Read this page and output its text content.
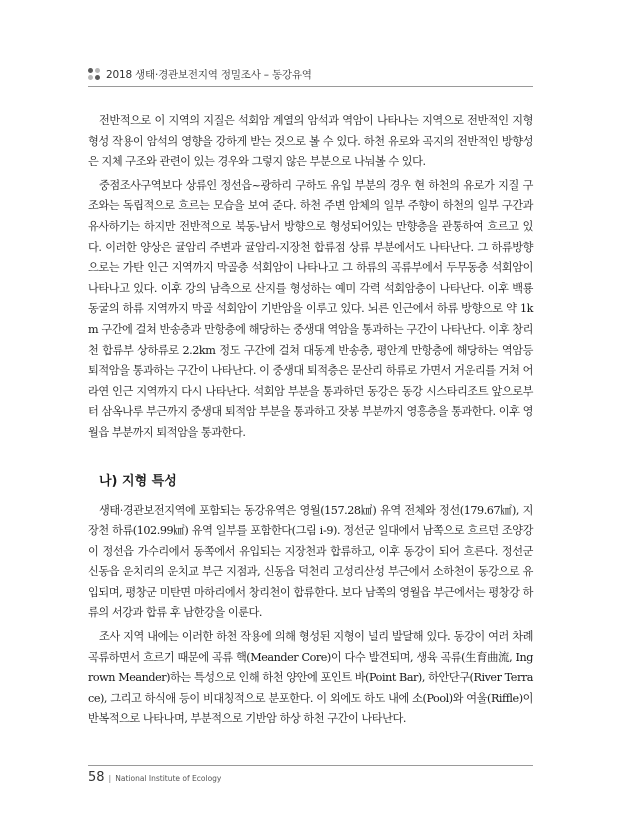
2018 생태·경관보전지역 정밀조사 – 동강유역

전반적으로 이 지역의 지질은 석회암 계열의 암석과 역암이 나타나는 지역으로 전반적인 지형 형성 작용이 암석의 영향을 강하게 받는 것으로 볼 수 있다. 하천 유로와 곡지의 전반적인 방향성은 지체 구조와 관련이 있는 경우와 그렇지 않은 부분으로 나눠볼 수 있다.

중점조사구역보다 상류인 정선읍~광하리 구하도 유입 부분의 경우 현 하천의 유로가 지질 구조와는 독립적으로 흐르는 모습을 보여 준다. 하천 주변 암체의 일부 주향이 하천의 일부 구간과 유사하기는 하지만 전반적으로 북동-남서 방향으로 형성되어있는 만향층을 관통하여 흐르고 있다. 이러한 양상은 귤암리 주변과 귤암리-지장천 합류점 상류 부분에서도 나타난다. 그 하류방향으로는 가탄 인근 지역까지 막골층 석회암이 나타나고 그 하류의 곡류부에서 두무동층 석회암이 나타나고 있다. 이후 강의 남측으로 산지를 형성하는 예미 각력 석회암층이 나타난다. 이후 백룡동굴의 하류 지역까지 막골 석회암이 기반암을 이루고 있다. 뇌른 인근에서 하류 방향으로 약 1km 구간에 걸쳐 반송층과 만항층에 해당하는 중생대 역암을 통과하는 구간이 나타난다. 이후 창리천 합류부 상하류로 2.2km 정도 구간에 걸쳐 대동계 반송층, 평안계 만항층에 해당하는 역암등 퇴적암을 통과하는 구간이 나타난다. 이 중생대 퇴적층은 문산리 하류로 가면서 거운리를 거쳐 어라연 인근 지역까지 다시 나타난다. 석회암 부분을 통과하던 동강은 동강 시스타리조트 앞으로부터 삼옥나루 부근까지 중생대 퇴적암 부분을 통과하고 잣봉 부분까지 영흥층을 통과한다. 이후 영월읍 부분까지 퇴적암을 통과한다.

나) 지형 특성

생태·경관보전지역에 포함되는 동강유역은 영월(157.28㎢) 유역 전체와 정선(179.67㎢), 지장천 하류(102.99㎢) 유역 일부를 포함한다(그림 ⅰ-9). 정선군 일대에서 남쪽으로 흐르던 조양강이 정선읍 가수리에서 동쪽에서 유입되는 지장천과 합류하고, 이후 동강이 되어 흐른다. 정선군 신동읍 운치리의 운치교 부근 지점과, 신동읍 덕천리 고성리산성 부근에서 소하천이 동강으로 유입되며, 평창군 미탄면 마하리에서 창리천이 합류한다. 보다 남쪽의 영월읍 부근에서는 평창강 하류의 서강과 합류 후 남한강을 이룬다.

조사 지역 내에는 이러한 하천 작용에 의해 형성된 지형이 널리 발달해 있다. 동강이 여러 차례 곡류하면서 흐르기 때문에 곡류 핵(Meander Core)이 다수 발견되며, 생육 곡류(生育曲流, Ingrown Meander)하는 특성으로 인해 하천 양안에 포인트 바(Point Bar), 하안단구(River Terrace), 그리고 하식애 등이 비대칭적으로 분포한다. 이 외에도 하도 내에 소(Pool)와 여울(Riffle)이 반복적으로 나타나며, 부분적으로 기반암 하상 하천 구간이 나타난다.

58 | National Institute of Ecology
